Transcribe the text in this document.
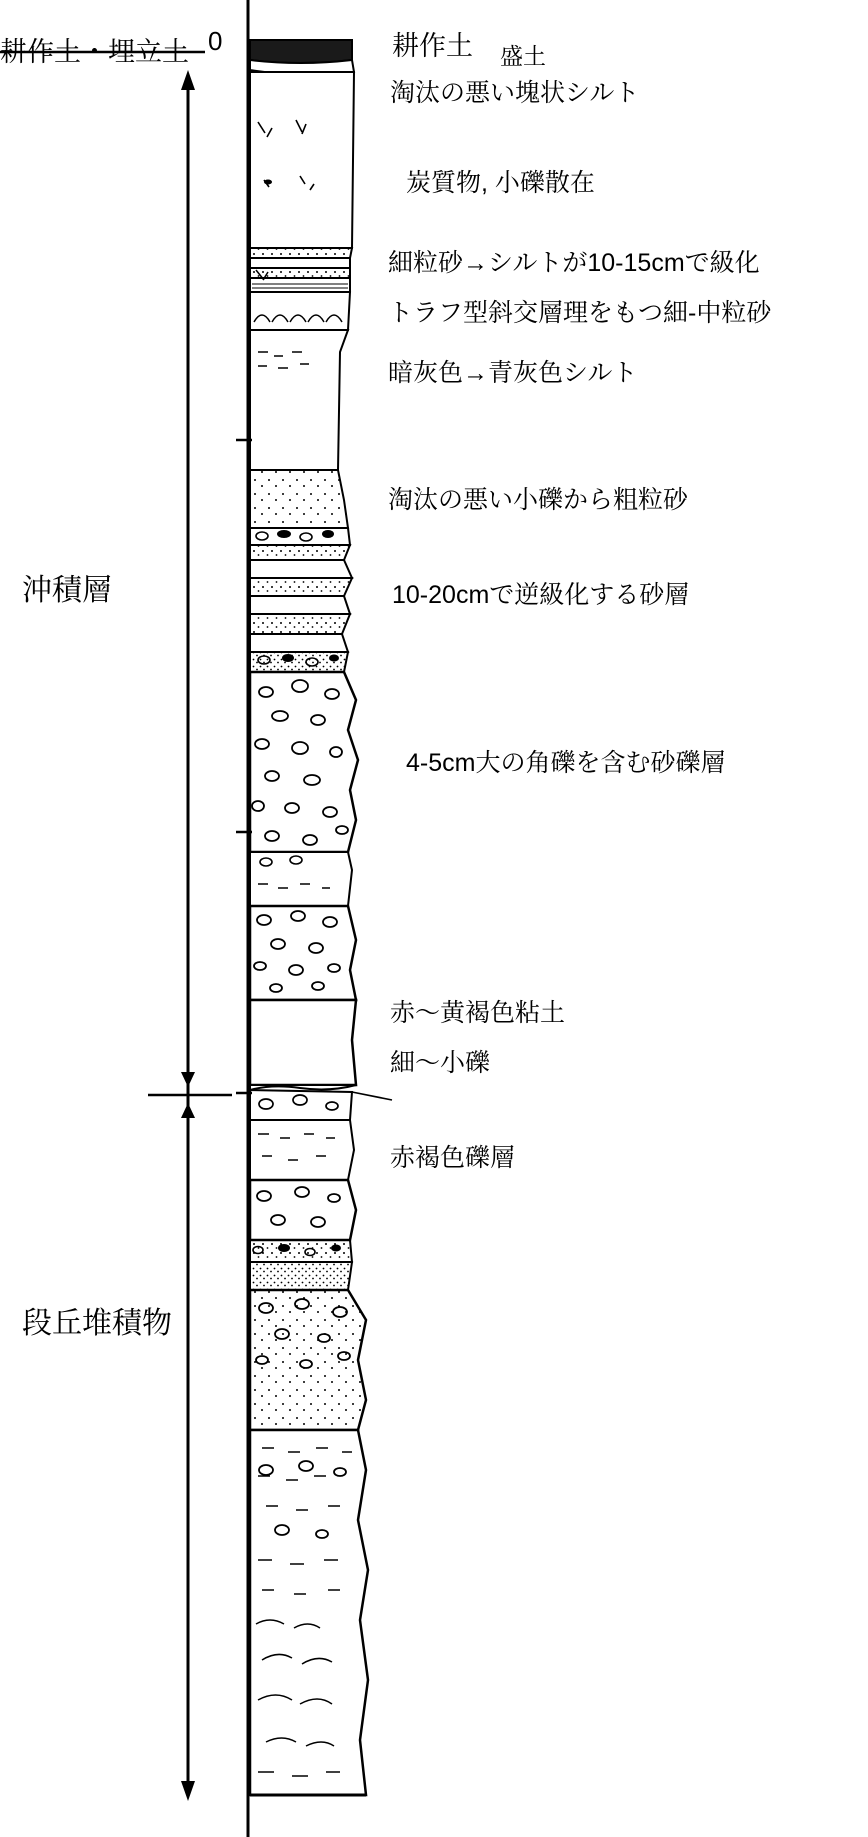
0
耕作土・埋立土
沖積層
段丘堆積物
耕作土 盛土
淘汰の悪い塊状シルト
炭質物, 小礫散在
細粒砂→シルトが10-15cmで級化
トラフ型斜交層理をもつ細-中粒砂
暗灰色→青灰色シルト
淘汰の悪い小礫から粗粒砂
10-20cmで逆級化する砂層
4-5cm大の角礫を含む砂礫層
赤〜黄褐色粘土
細〜小礫
赤褐色礫層
